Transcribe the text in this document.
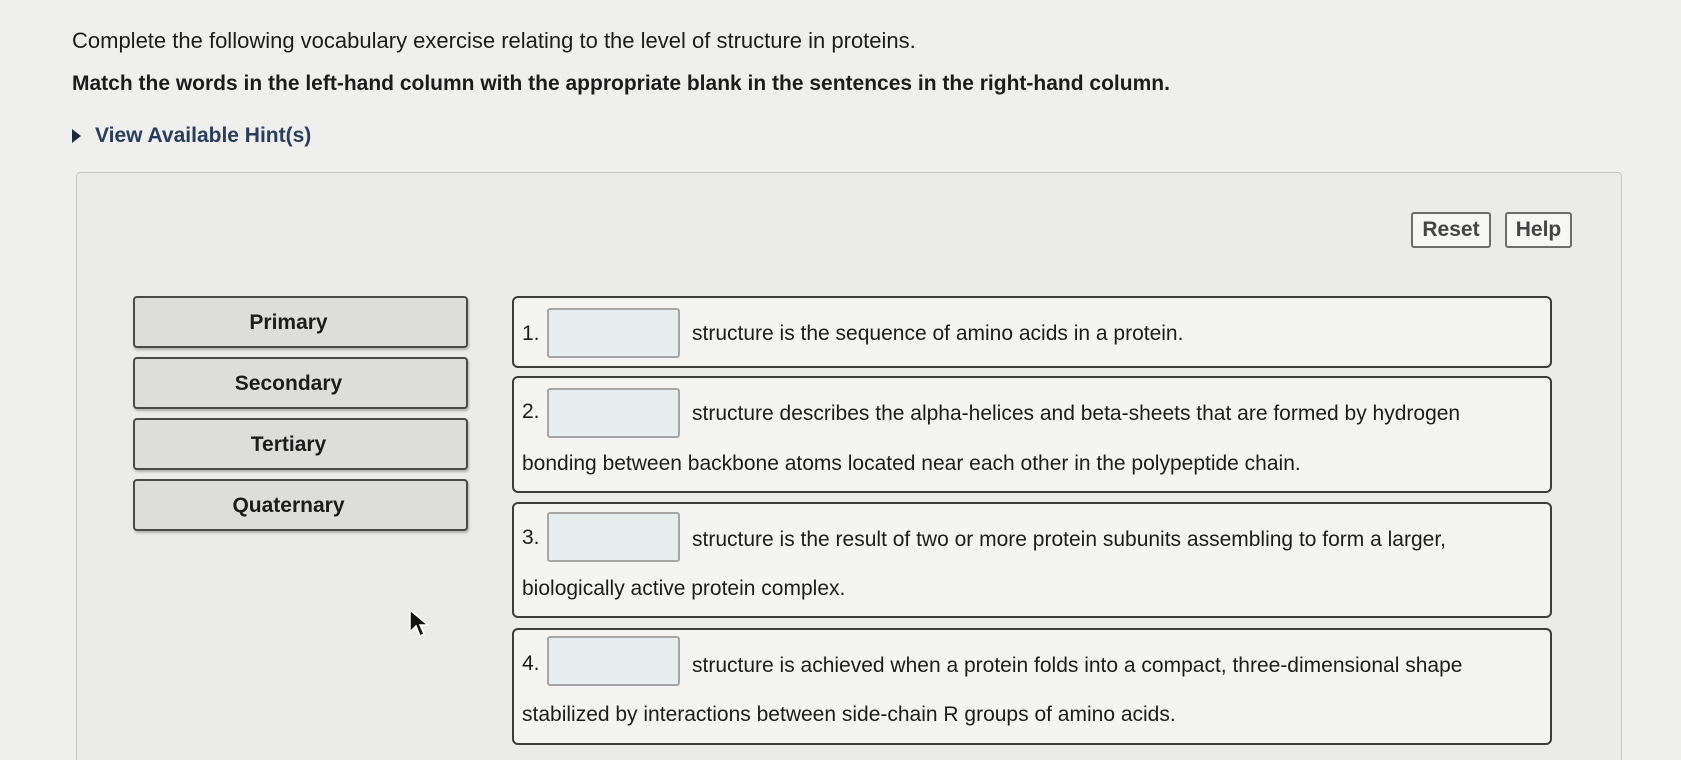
Complete the following vocabulary exercise relating to the level of structure in proteins.
Match the words in the left-hand column with the appropriate blank in the sentences in the right-hand column.
View Available Hint(s)
Reset	Help
Primary
Secondary
Tertiary
Quaternary
1.	structure is the sequence of amino acids in a protein.
2.	structure describes the alpha-helices and beta-sheets that are formed by hydrogen
bonding between backbone atoms located near each other in the polypeptide chain.
3.	structure is the result of two or more protein subunits assembling to form a larger,
biologically active protein complex.
4.	structure is achieved when a protein folds into a compact, three-dimensional shape
stabilized by interactions between side-chain R groups of amino acids.
